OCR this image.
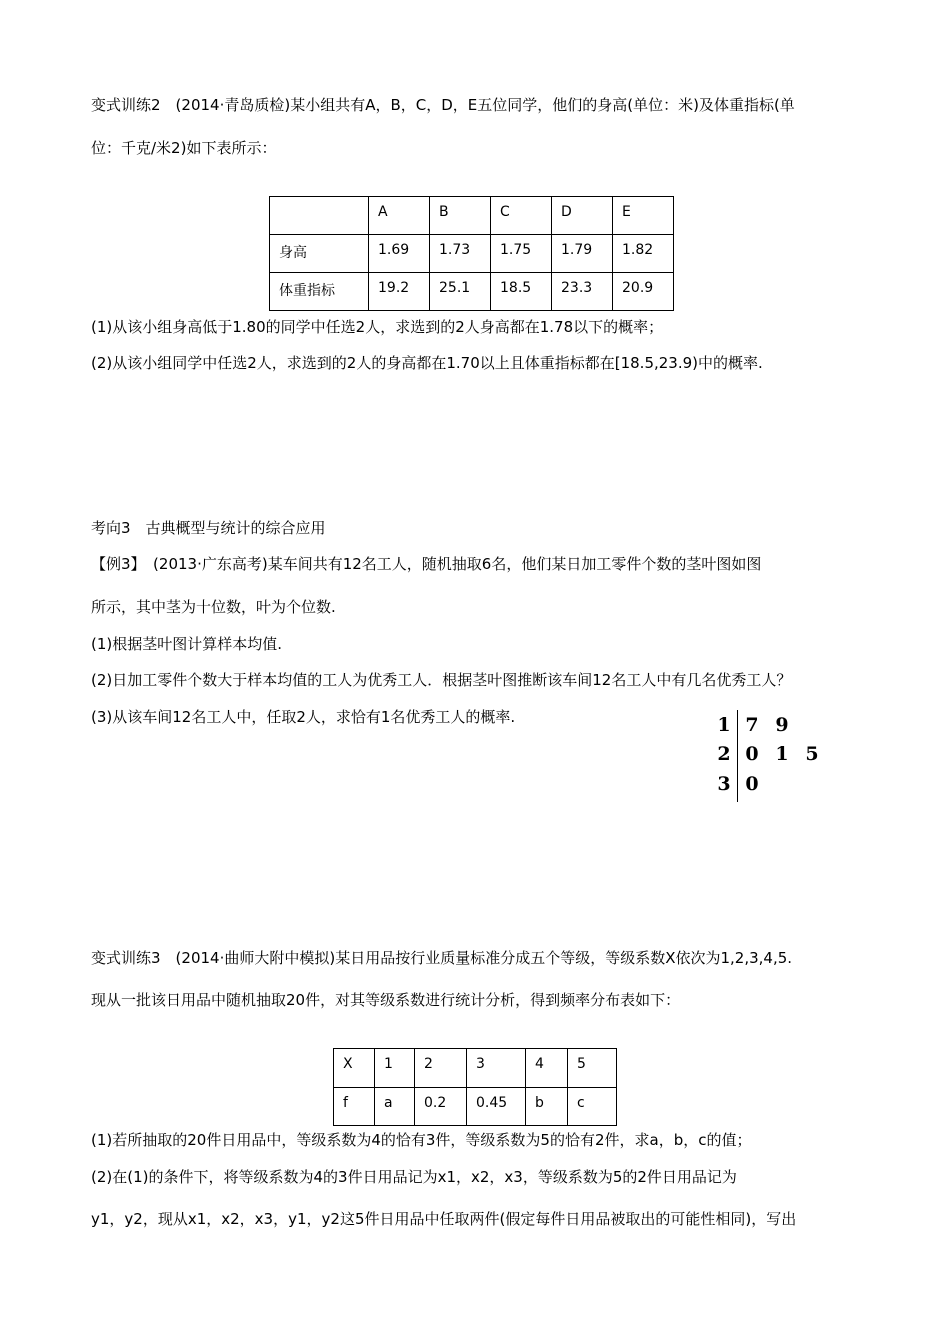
变式训练2　(2014·青岛质检)某小组共有A，B，C，D，E五位同学，他们的身高(单位：米)及体重指标(单
位：千克/米2)如下表所示：
	A	B	C	D	E
身高	1.69	1.73	1.75	1.79	1.82
体重指标	19.2	25.1	18.5	23.3	20.9
(1)从该小组身高低于1.80的同学中任选2人，求选到的2人身高都在1.78以下的概率；
(2)从该小组同学中任选2人，求选到的2人的身高都在1.70以上且体重指标都在[18.5,23.9)中的概率.
考向3　古典概型与统计的综合应用
【例3】　(2013·广东高考)某车间共有12名工人，随机抽取6名，他们某日加工零件个数的茎叶图如图
所示，其中茎为十位数，叶为个位数.
(1)根据茎叶图计算样本均值.
(2)日加工零件个数大于样本均值的工人为优秀工人．根据茎叶图推断该车间12名工人中有几名优秀工人？
(3)从该车间12名工人中，任取2人，求恰有1名优秀工人的概率.	1 7 9
2 0 1 5
3 0
变式训练3　(2014·曲师大附中模拟)某日用品按行业质量标准分成五个等级，等级系数X依次为1,2,3,4,5.
现从一批该日用品中随机抽取20件，对其等级系数进行统计分析，得到频率分布表如下：
X	1	2	3	4	5
f	a	0.2	0.45	b	c
(1)若所抽取的20件日用品中，等级系数为4的恰有3件，等级系数为5的恰有2件，求a，b，c的值；
(2)在(1)的条件下，将等级系数为4的3件日用品记为x1，x2，x3，等级系数为5的2件日用品记为
y1，y2，现从x1，x2，x3，y1，y2这5件日用品中任取两件(假定每件日用品被取出的可能性相同)，写出
